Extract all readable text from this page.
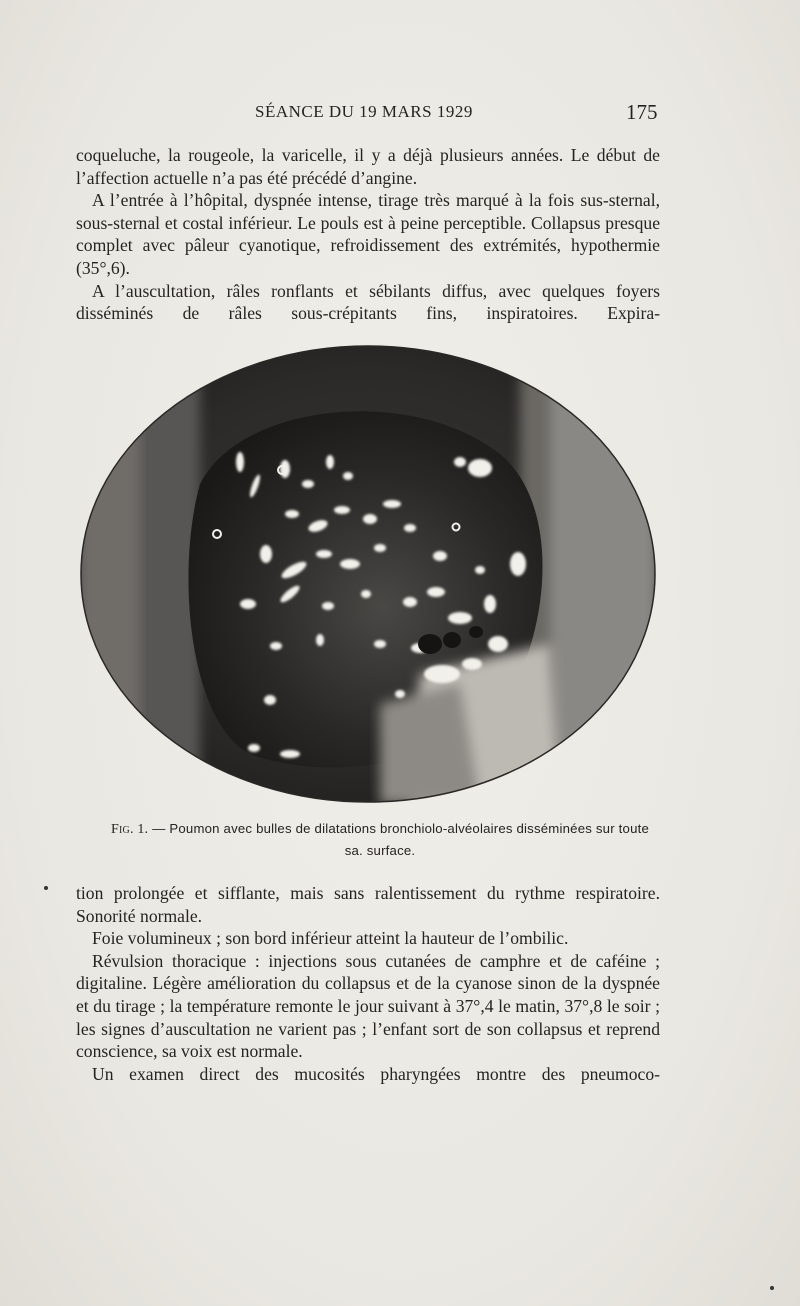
SÉANCE DU 19 MARS 1929	175

coqueluche, la rougeole, la varicelle, il y a déjà plusieurs années. Le début de l’affection actuelle n’a pas été précédé d’angine.

A l’entrée à l’hôpital, dyspnée intense, tirage très marqué à la fois sus-sternal, sous-sternal et costal inférieur. Le pouls est à peine perceptible. Collapsus presque complet avec pâleur cyanotique, refroidissement des extrémités, hypothermie (35°,6).

A l’auscultation, râles ronflants et sébilants diffus, avec quelques foyers disséminés de râles sous-crépitants fins, inspiratoires. Expira-

Fig. 1. — Poumon avec bulles de dilatations bronchiolo-alvéolaires disséminées sur toute sa. surface.

tion prolongée et sifflante, mais sans ralentissement du rythme respiratoire. Sonorité normale.

Foie volumineux ; son bord inférieur atteint la hauteur de l’ombilic.

Révulsion thoracique : injections sous cutanées de camphre et de caféine ; digitaline. Légère amélioration du collapsus et de la cyanose sinon de la dyspnée et du tirage ; la température remonte le jour suivant à 37°,4 le matin, 37°,8 le soir ; les signes d’auscultation ne varient pas ; l’enfant sort de son collapsus et reprend conscience, sa voix est normale.

Un examen direct des mucosités pharyngées montre des pneumoco-
